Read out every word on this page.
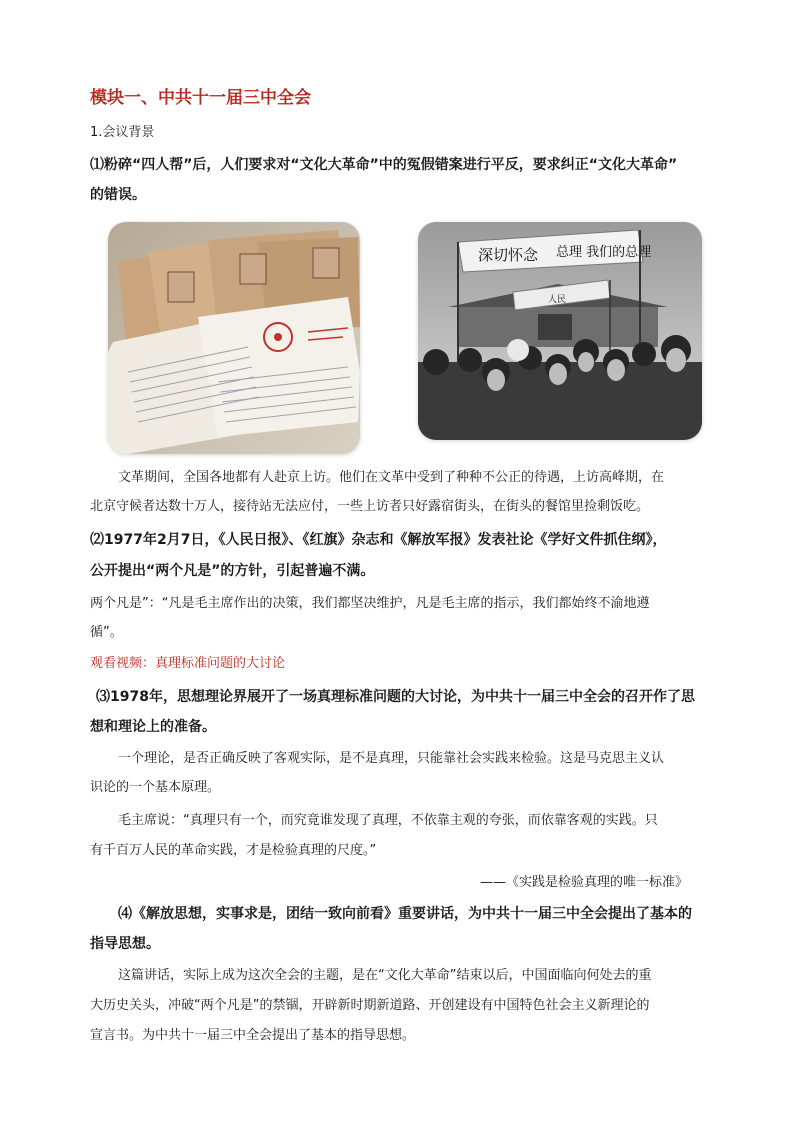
模块一、中共十一届三中全会
1.会议背景
⑴粉碎“四人帮”后，人们要求对“文化大革命”中的冤假错案进行平反，要求纠正“文化大革命”
的错误。
深切怀念 总理 我们的总理
人民
文革期间，全国各地都有人赴京上访。他们在文革中受到了种种不公正的待遇，上访高峰期，在
北京守候者达数十万人，接待站无法应付，一些上访者只好露宿街头，在街头的餐馆里捡剩饭吃。
⑵1977年2月7日，《人民日报》、《红旗》杂志和《解放军报》发表社论《学好文件抓住纲》，
公开提出“两个凡是”的方针，引起普遍不满。
两个凡是”：“凡是毛主席作出的决策，我们都坚决维护，凡是毛主席的指示，我们都始终不渝地遵
循”。
观看视频：真理标准问题的大讨论
⑶1978年，思想理论界展开了一场真理标准问题的大讨论，为中共十一届三中全会的召开作了思
想和理论上的准备。
一个理论，是否正确反映了客观实际，是不是真理，只能靠社会实践来检验。这是马克思主义认
识论的一个基本原理。
毛主席说：“真理只有一个，而究竟谁发现了真理，不依靠主观的夸张，而依靠客观的实践。只
有千百万人民的革命实践，才是检验真理的尺度。”
——《实践是检验真理的唯一标准》
⑷《解放思想，实事求是，团结一致向前看》重要讲话，为中共十一届三中全会提出了基本的
指导思想。
这篇讲话，实际上成为这次全会的主题，是在“文化大革命”结束以后，中国面临向何处去的重
大历史关头，冲破“两个凡是”的禁锢，开辟新时期新道路、开创建设有中国特色社会主义新理论的
宣言书。为中共十一届三中全会提出了基本的指导思想。
